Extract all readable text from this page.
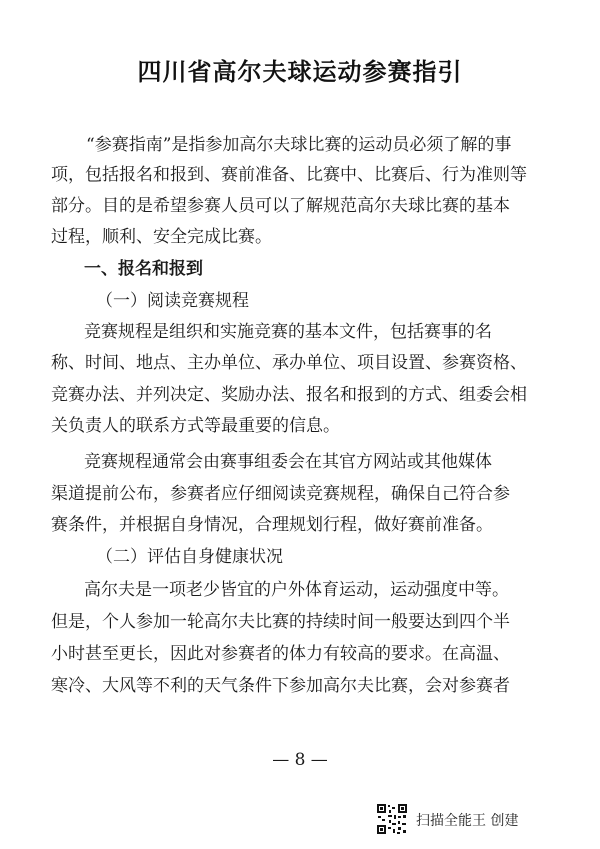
四川省高尔夫球运动参赛指引
“参赛指南”是指参加高尔夫球比赛的运动员必须了解的事
项，包括报名和报到、赛前准备、比赛中、比赛后、行为准则等
部分。目的是希望参赛人员可以了解规范高尔夫球比赛的基本
过程，顺利、安全完成比赛。
一、报名和报到
（一）阅读竞赛规程
竞赛规程是组织和实施竞赛的基本文件，包括赛事的名
称、时间、地点、主办单位、承办单位、项目设置、参赛资格、
竞赛办法、并列决定、奖励办法、报名和报到的方式、组委会相
关负责人的联系方式等最重要的信息。
竞赛规程通常会由赛事组委会在其官方网站或其他媒体
渠道提前公布，参赛者应仔细阅读竞赛规程，确保自己符合参
赛条件，并根据自身情况，合理规划行程，做好赛前准备。
（二）评估自身健康状况
高尔夫是一项老少皆宜的户外体育运动，运动强度中等。
但是，个人参加一轮高尔夫比赛的持续时间一般要达到四个半
小时甚至更长，因此对参赛者的体力有较高的要求。在高温、
寒冷、大风等不利的天气条件下参加高尔夫比赛，会对参赛者
— 8 —
扫描全能王 创建
